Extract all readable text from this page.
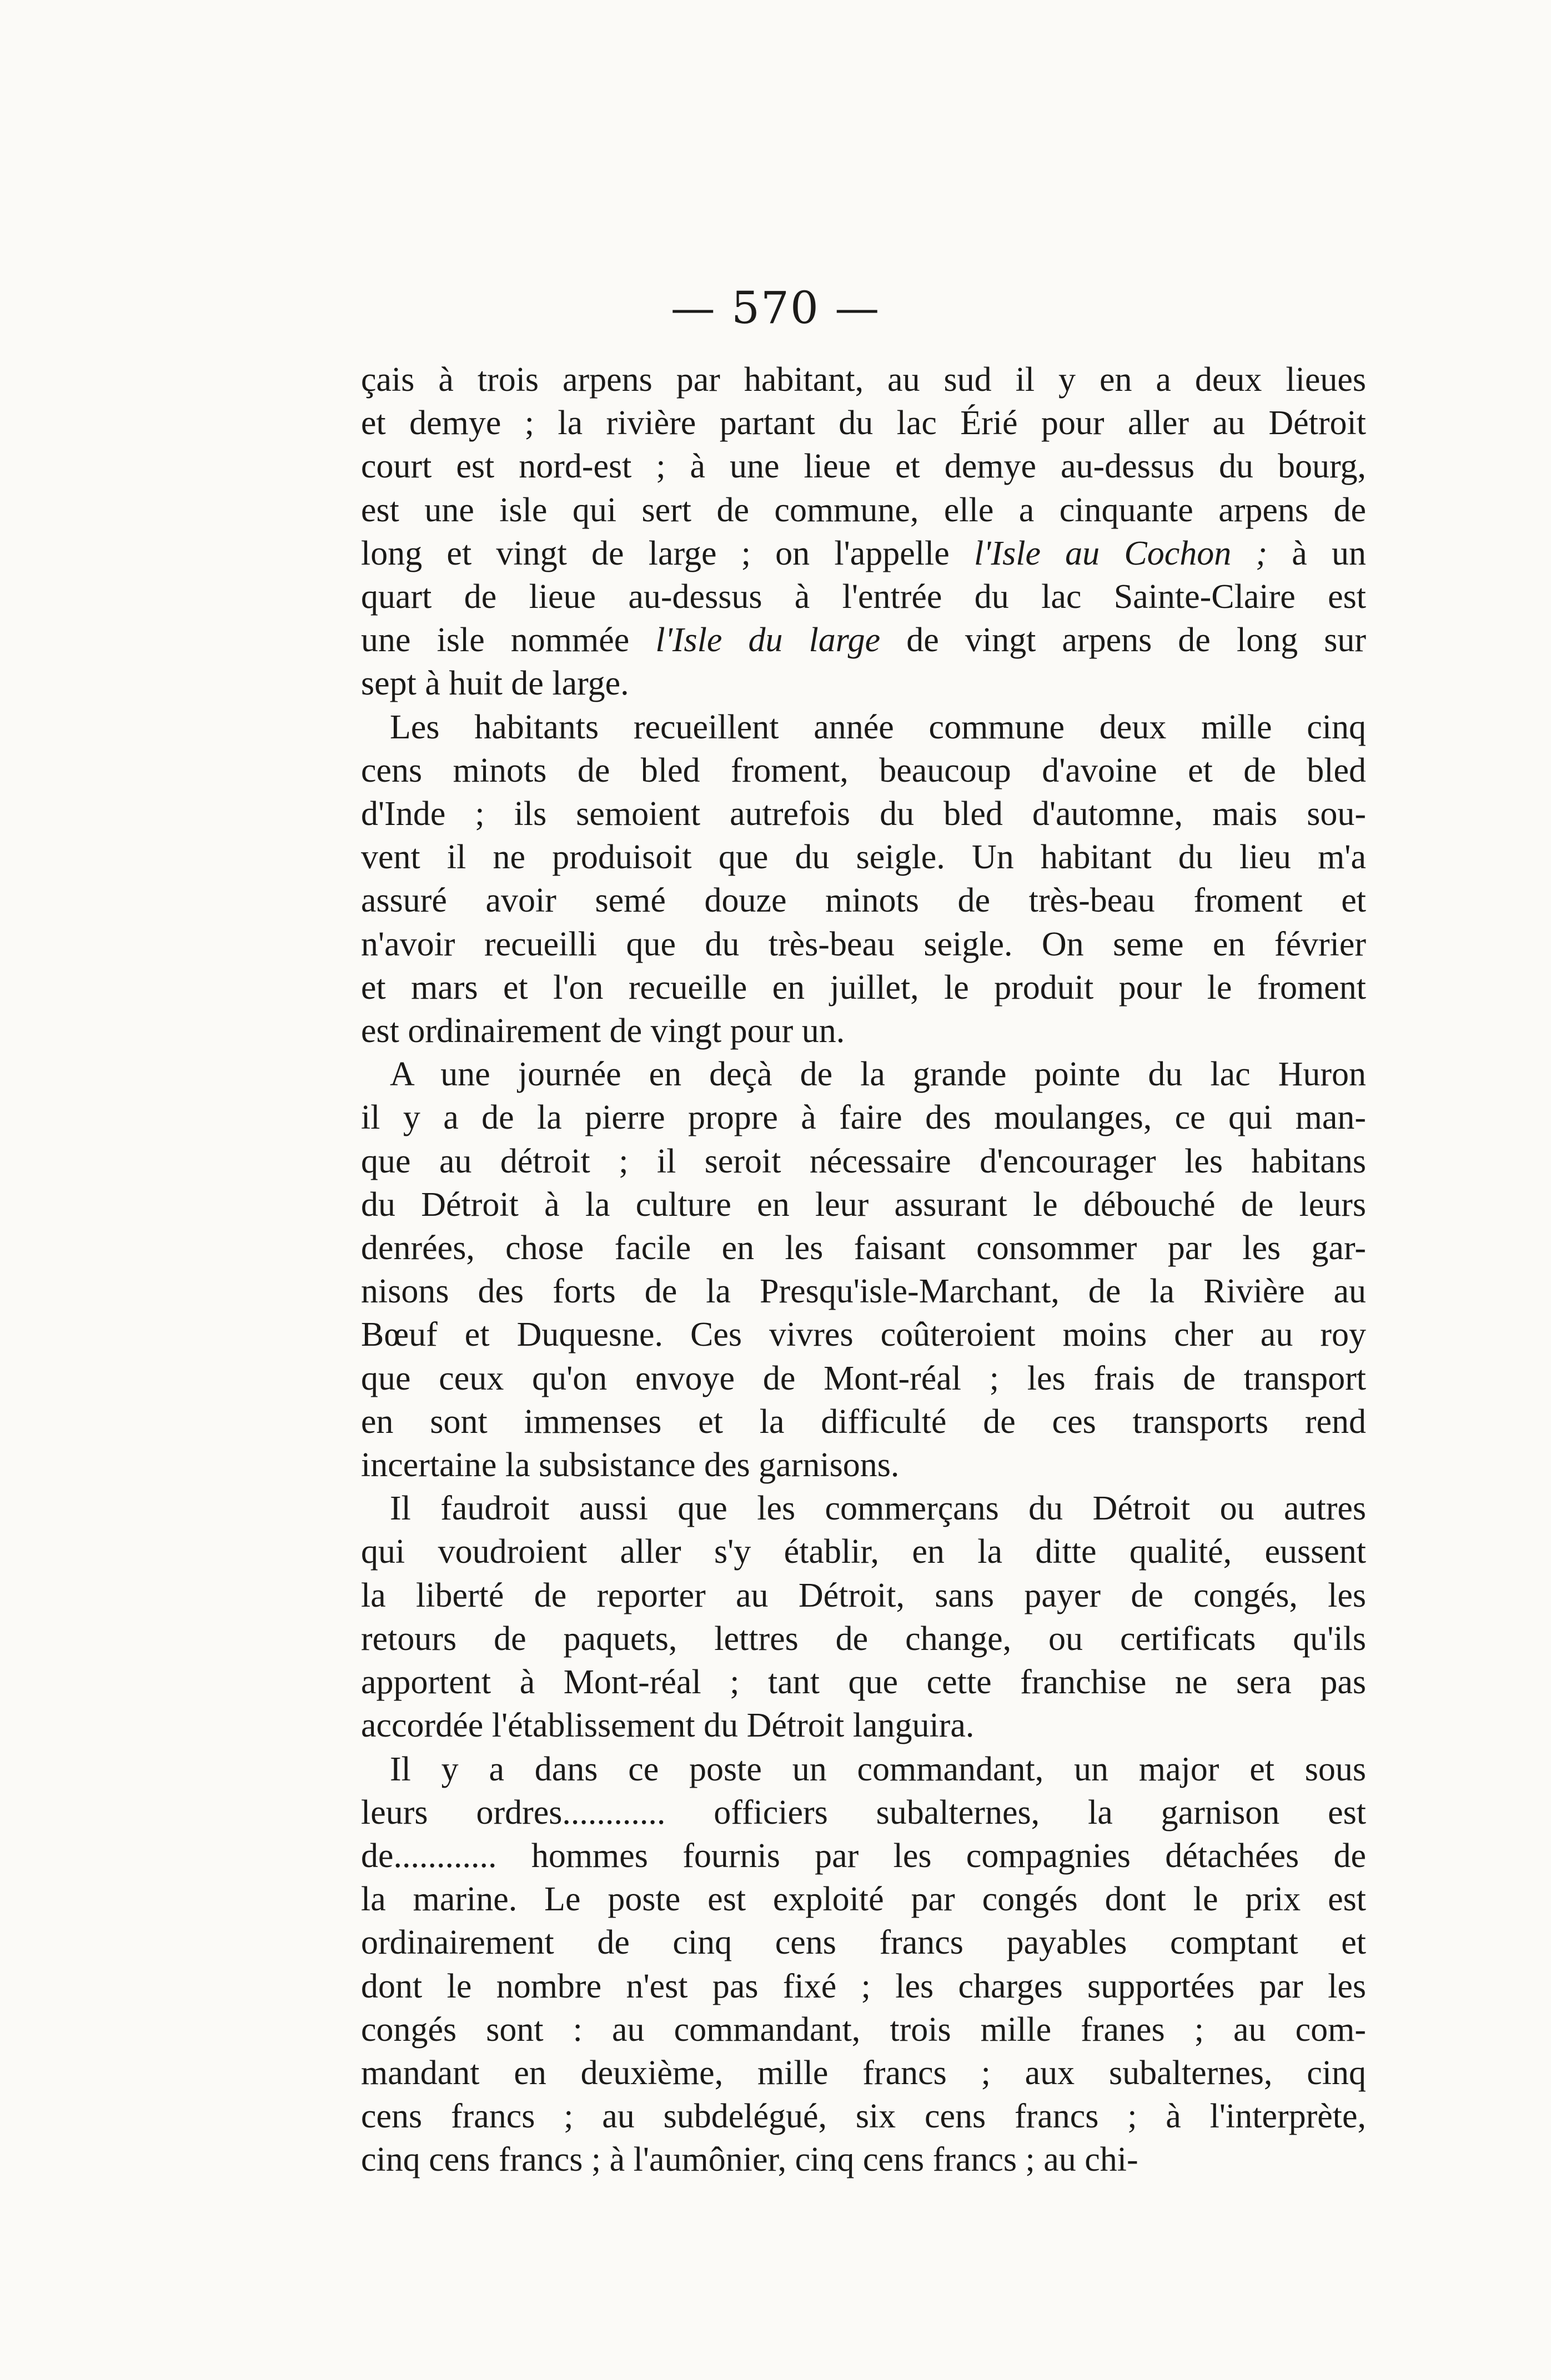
— 570 —
çais à trois arpens par habitant, au sud il y en a deux lieues
et demye ; la rivière partant du lac Érié pour aller au Détroit
court est nord-est ; à une lieue et demye au-dessus du bourg,
est une isle qui sert de commune, elle a cinquante arpens de
long et vingt de large ; on l'appelle l'Isle au Cochon ; à un
quart de lieue au-dessus à l'entrée du lac Sainte-Claire est
une isle nommée l'Isle du large de vingt arpens de long sur
sept à huit de large.
Les habitants recueillent année commune deux mille cinq
cens minots de bled froment, beaucoup d'avoine et de bled
d'Inde ; ils semoient autrefois du bled d'automne, mais sou-
vent il ne produisoit que du seigle. Un habitant du lieu m'a
assuré avoir semé douze minots de très-beau froment et
n'avoir recueilli que du très-beau seigle. On seme en février
et mars et l'on recueille en juillet, le produit pour le froment
est ordinairement de vingt pour un.
A une journée en deçà de la grande pointe du lac Huron
il y a de la pierre propre à faire des moulanges, ce qui man-
que au détroit ; il seroit nécessaire d'encourager les habitans
du Détroit à la culture en leur assurant le débouché de leurs
denrées, chose facile en les faisant consommer par les gar-
nisons des forts de la Presqu'isle-Marchant, de la Rivière au
Bœuf et Duquesne. Ces vivres coûteroient moins cher au roy
que ceux qu'on envoye de Mont-réal ; les frais de transport
en sont immenses et la difficulté de ces transports rend
incertaine la subsistance des garnisons.
Il faudroit aussi que les commerçans du Détroit ou autres
qui voudroient aller s'y établir, en la ditte qualité, eussent
la liberté de reporter au Détroit, sans payer de congés, les
retours de paquets, lettres de change, ou certificats qu'ils
apportent à Mont-réal ; tant que cette franchise ne sera pas
accordée l'établissement du Détroit languira.
Il y a dans ce poste un commandant, un major et sous
leurs ordres............ officiers subalternes, la garnison est
de............ hommes fournis par les compagnies détachées de
la marine. Le poste est exploité par congés dont le prix est
ordinairement de cinq cens francs payables comptant et
dont le nombre n'est pas fixé ; les charges supportées par les
congés sont : au commandant, trois mille franes ; au com-
mandant en deuxième, mille francs ; aux subalternes, cinq
cens francs ; au subdelégué, six cens francs ; à l'interprète,
cinq cens francs ; à l'aumônier, cinq cens francs ; au chi-
